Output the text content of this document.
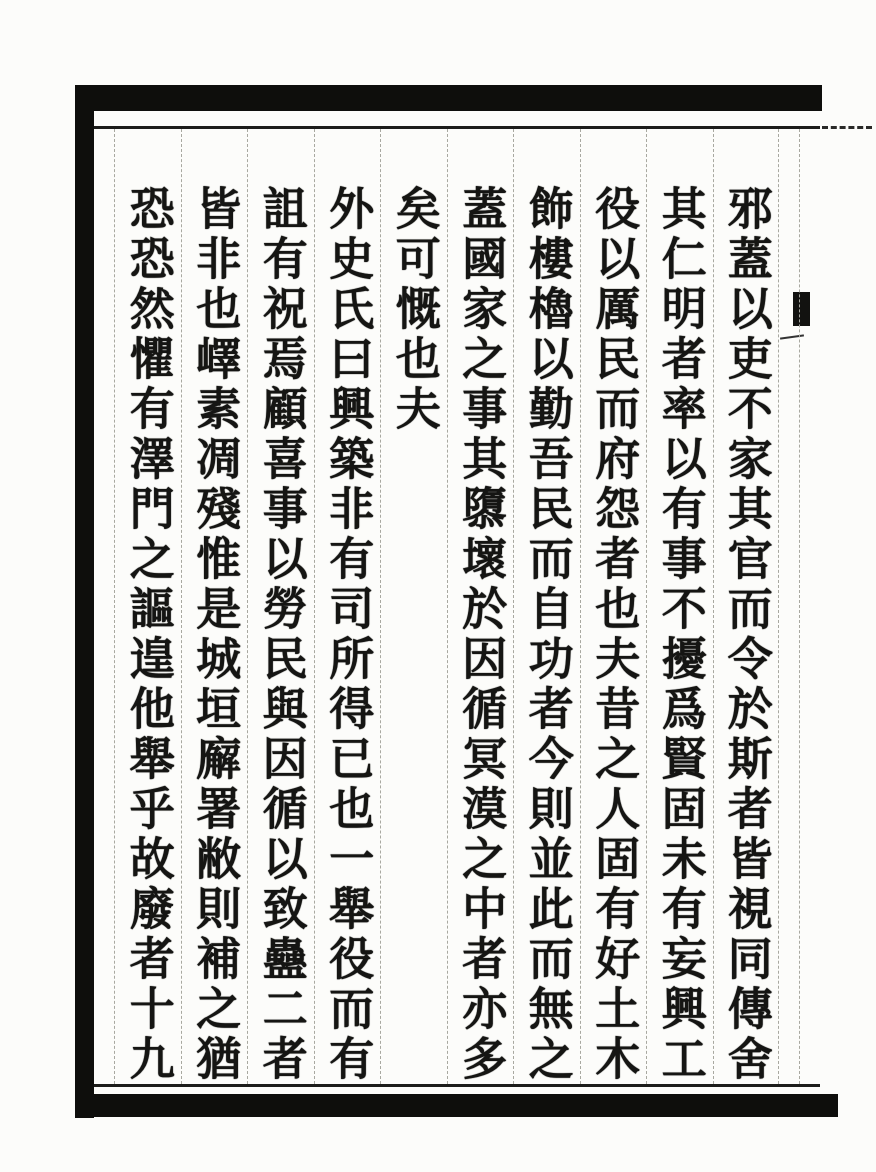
邪蓋以吏不家其官而令於斯者皆視同傳舍
其仁明者率以有事不擾爲賢固未有妄興工
役以厲民而府怨者也夫昔之人固有好土木
飾樓櫓以勤吾民而自功者今則並此而無之
蓋國家之事其隳壞於因循冥漠之中者亦多
矣可慨也夫
外史氏曰興築非有司所得已也一舉役而有
詛有祝焉顧喜事以勞民與因循以致蠱二者
皆非也嶧素凋殘惟是城垣廨署敝則補之猶
恐恐然懼有澤門之謳遑他舉乎故廢者十九
